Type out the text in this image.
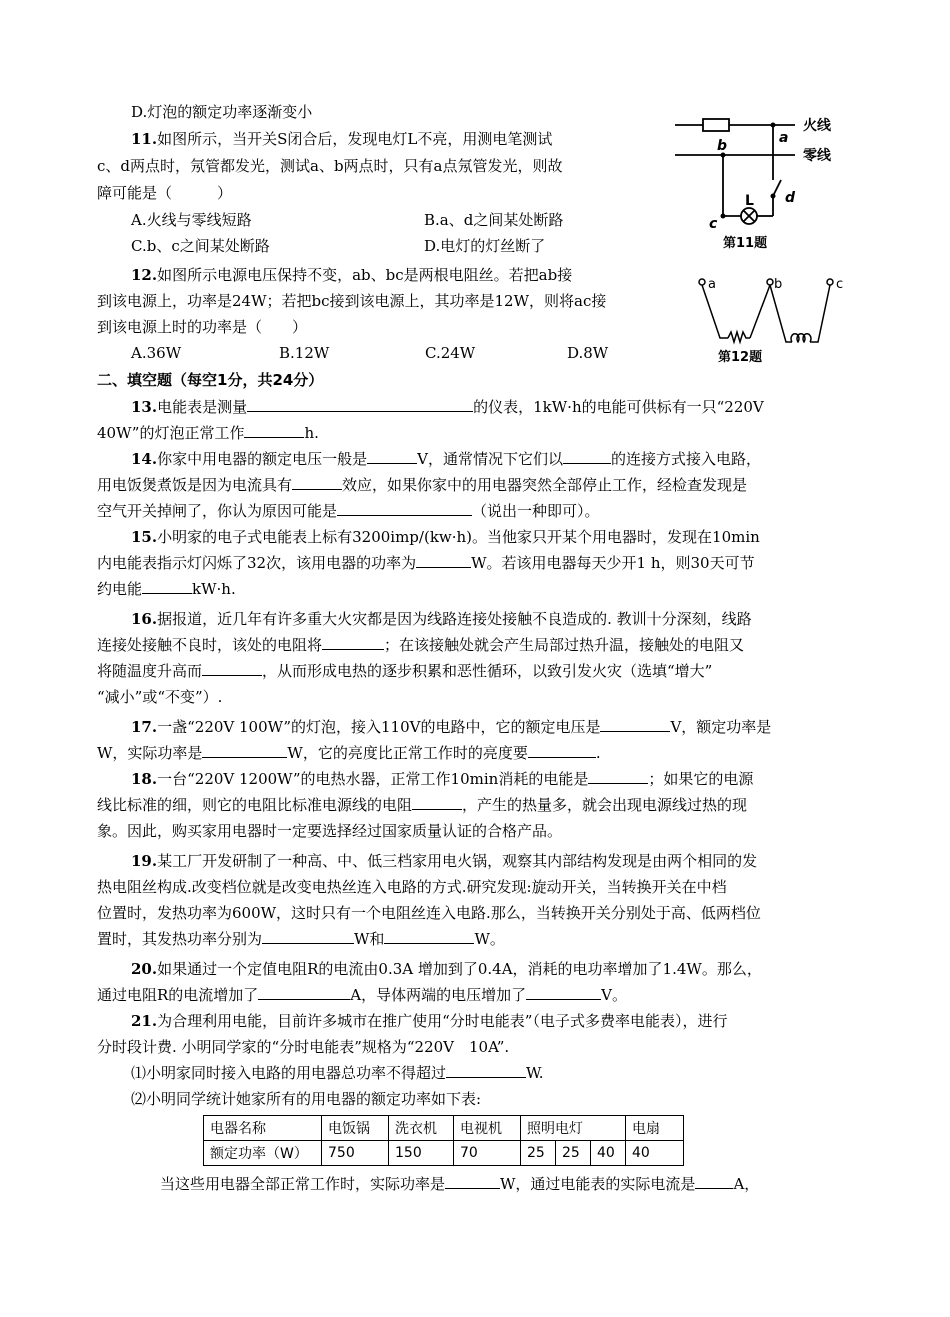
D.灯泡的额定功率逐渐变小
11.如图所示，当开关S闭合后，发现电灯L不亮，用测电笔测试
c、d两点时，氖管都发光，测试a、b两点时，只有a点氖管发光，则故
障可能是（　　　）
A.火线与零线短路	B.a、d之间某处断路
C.b、c之间某处断路	D.电灯的灯丝断了
火线
零线
a
b
c
d
L
第11题
12.如图所示电源电压保持不变，ab、bc是两根电阻丝。若把ab接
到该电源上，功率是24W；若把bc接到该电源上，其功率是12W，则将ac接
到该电源上时的功率是（　　）
A.36W	B.12W	C.24W	D.8W
a	b	c
第12题
二、填空题（每空1分，共24分）
13.电能表是测量	的仪表，1kW·h的电能可供标有一只“220V
40W”的灯泡正常工作	h.
14.你家中用电器的额定电压一般是	V，通常情况下它们以	的连接方式接入电路，
用电饭煲煮饭是因为电流具有	效应，如果你家中的用电器突然全部停止工作，经检查发现是
空气开关掉闸了，你认为原因可能是	（说出一种即可）。
15.小明家的电子式电能表上标有3200imp/(kw·h)。当他家只开某个用电器时，发现在10min
内电能表指示灯闪烁了32次，该用电器的功率为	W。若该用电器每天少开1 h，则30天可节
约电能	kW·h.
16.据报道，近几年有许多重大火灾都是因为线路连接处接触不良造成的. 教训十分深刻，线路
连接处接触不良时，该处的电阻将	；在该接触处就会产生局部过热升温，接触处的电阻又
将随温度升高而	，从而形成电热的逐步积累和恶性循环，以致引发火灾（选填“增大”
“减小”或“不变”）.
17.一盏“220V 100W”的灯泡，接入110V的电路中，它的额定电压是	V，额定功率是
W，实际功率是	W，它的亮度比正常工作时的亮度要	.
18.一台“220V 1200W”的电热水器，正常工作10min消耗的电能是	；如果它的电源
线比标准的细，则它的电阻比标准电源线的电阻	，产生的热量多，就会出现电源线过热的现
象。因此，购买家用电器时一定要选择经过国家质量认证的合格产品。
19.某工厂开发研制了一种高、中、低三档家用电火锅，观察其内部结构发现是由两个相同的发
热电阻丝构成.改变档位就是改变电热丝连入电路的方式.研究发现:旋动开关，当转换开关在中档
位置时，发热功率为600W，这时只有一个电阻丝连入电路.那么，当转换开关分别处于高、低两档位
置时，其发热功率分别为	W和	W。
20.如果通过一个定值电阻R的电流由0.3A 增加到了0.4A，消耗的电功率增加了1.4W。那么，
通过电阻R的电流增加了	A，导体两端的电压增加了	V。
21.为合理利用电能，目前许多城市在推广使用“分时电能表”（电子式多费率电能表），进行
分时段计费. 小明同学家的“分时电能表”规格为“220V　10A”.
⑴小明家同时接入电路的用电器总功率不得超过	W.
⑵小明同学统计她家所有的用电器的额定功率如下表:
电器名称	电饭锅	洗衣机	电视机	照明电灯			电扇
额定功率（W）	750	150	70	25	25	40	40
当这些用电器全部正常工作时，实际功率是	W，通过电能表的实际电流是	A，
